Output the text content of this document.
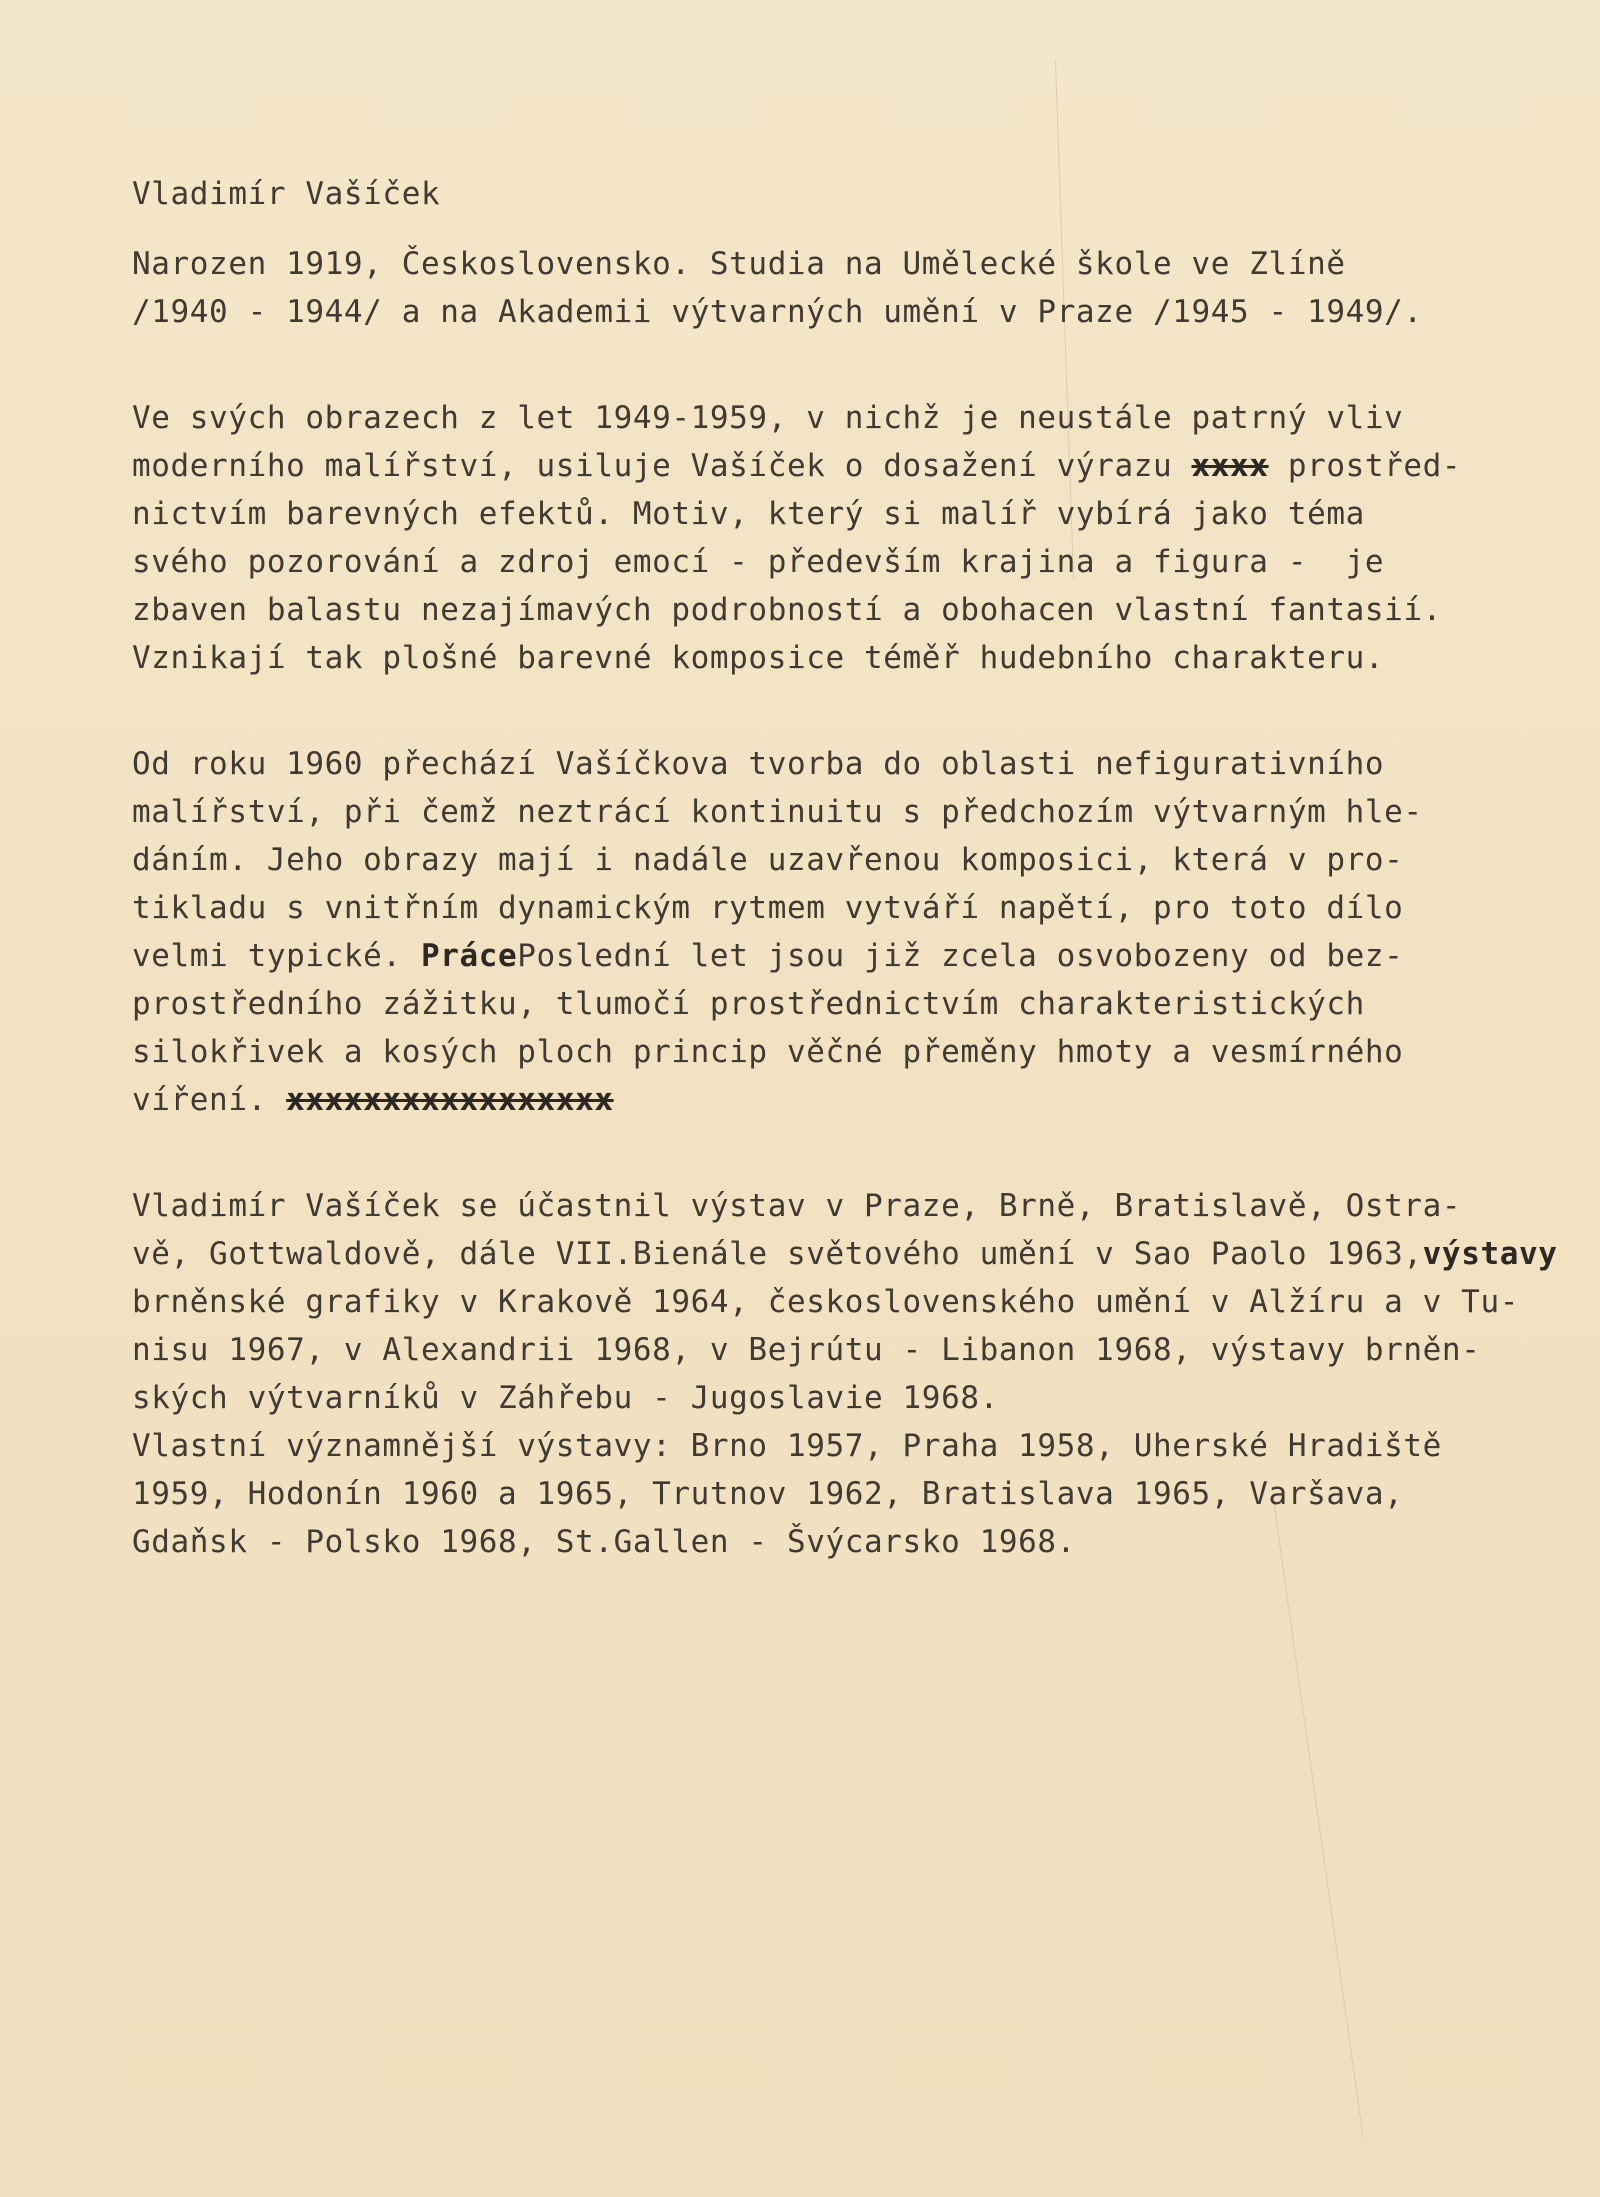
Vladimír Vašíček
Narozen 1919, Československo. Studia na Umělecké škole ve Zlíně
/1940 - 1944/ a na Akademii výtvarných umění v Praze /1945 - 1949/.
Ve svých obrazech z let 1949-1959, v nichž je neustále patrný vliv
moderního malířství, usiluje Vašíček o dosažení výrazu xxxx prostřed-
nictvím barevných efektů. Motiv, který si malíř vybírá jako téma
svého pozorování a zdroj emocí - především krajina a figura -  je
zbaven balastu nezajímavých podrobností a obohacen vlastní fantasií.
Vznikají tak plošné barevné komposice téměř hudebního charakteru.
Od roku 1960 přechází Vašíčkova tvorba do oblasti nefigurativního
malířství, při čemž neztrácí kontinuitu s předchozím výtvarným hle-
dáním. Jeho obrazy mají i nadále uzavřenou komposici, která v pro-
tikladu s vnitřním dynamickým rytmem vytváří napětí, pro toto dílo
velmi typické. PrácePoslední let jsou již zcela osvobozeny od bez-
prostředního zážitku, tlumočí prostřednictvím charakteristických
silokřivek a kosých ploch princip věčné přeměny hmoty a vesmírného
víření. xxxxxxxxxxxxxxxxx
Vladimír Vašíček se účastnil výstav v Praze, Brně, Bratislavě, Ostra-
vě, Gottwaldově, dále VII.Bienále světového umění v Sao Paolo 1963,výstavy
brněnské grafiky v Krakově 1964, československého umění v Alžíru a v Tu-
nisu 1967, v Alexandrii 1968, v Bejrútu - Libanon 1968, výstavy brněn-
ských výtvarníků v Záhřebu - Jugoslavie 1968.
Vlastní významnější výstavy: Brno 1957, Praha 1958, Uherské Hradiště
1959, Hodonín 1960 a 1965, Trutnov 1962, Bratislava 1965, Varšava,
Gdaňsk - Polsko 1968, St.Gallen - Švýcarsko 1968.
